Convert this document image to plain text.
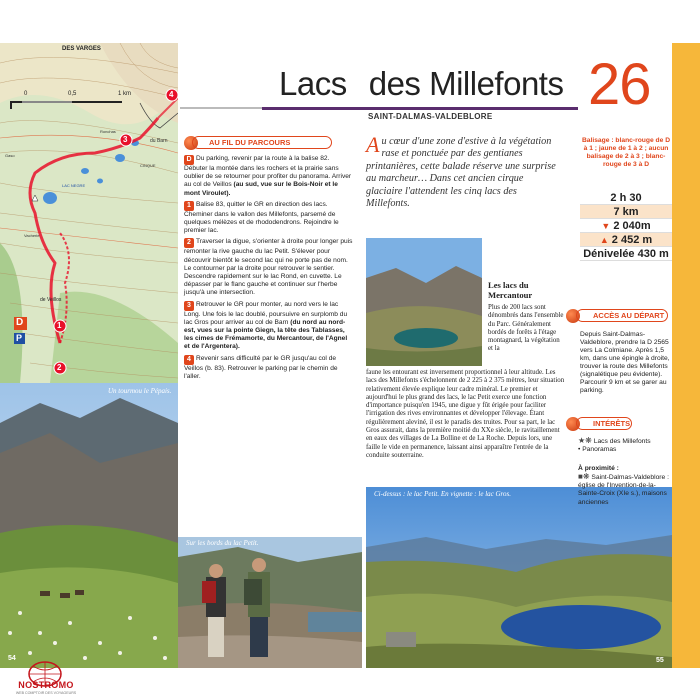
DES VARGES
0	0,5	1 km
LAC NEGRE
Ronchas
du Barn
de Veillos
Vacherie
CINQUE
Gaso
D
P
1
2
3
4
Un tourmou le Pépais.
54
Sur les bords du lac Petit.
Ci-dessus : le lac Petit. En vignette : le lac Gros.
55
Lacs des Millefonts
SAINT-DALMAS-VALDEBLORE 26
AU FIL DU PARCOURS
D Du parking, revenir par la route à la balise 82. Débuter la montée dans les rochers et la prairie sans oublier de se retourner pour profiter du panorama. Arriver au col de Veillos (au sud, vue sur le Bois-Noir et le mont Viroulet).
1 Balise 83, quitter le GR en direction des lacs. Cheminer dans le vallon des Millefonts, parsemé de quelques mélèzes et de rhododendrons. Rejoindre le premier lac.
2 Traverser la digue, s'orienter à droite pour longer puis remonter la rive gauche du lac Petit. S'élever pour découvrir bientôt le second lac qui ne porte pas de nom. Le contourner par la droite pour retrouver le sentier. Descendre rapidement sur le lac Rond, en cuvette. Le dépasser par le flanc gauche et continuer sur l'herbe jusqu'à une intersection.
3 Retrouver le GR pour monter, au nord vers le lac Long. Une fois le lac doublé, poursuivre en surplomb du lac Gros pour arriver au col de Barn (du nord au nord-est, vues sur la pointe Giegn, la tête des Tablasses, les cimes de Frémamorte, du Mercantour, de l'Agnel et de l'Argentera).
4 Revenir sans difficulté par le GR jusqu'au col de Veillos (b. 83). Retrouver le parking par le chemin de l'aller.
Au cœur d'une zone d'estive à la végétation rase et ponctuée par des gentianes printanières, cette balade réserve une surprise au marcheur… Dans cet ancien cirque glaciaire l'attendent les cinq lacs des Millefonts.
Les lacs du Mercantour
Plus de 200 lacs sont dénombrés dans l'ensemble du Parc. Généralement bordés de forêts à l'étage montagnard, la végétation et la
faune les entourant est inversement proportionnel à leur altitude. Les lacs des Millefonts s'échelonnent de 2 225 à 2 375 mètres, leur situation relativement élevée explique leur cadre minéral. Le premier et aujourd'hui le plus grand des lacs, le lac Petit exerce une fonction d'importance puisqu'en 1945, une digue y fût érigée pour faciliter l'irrigation des rives environnantes et développer l'élevage. Étant régulièrement aleviné, il est le paradis des truites. Pour sa part, le lac Gros assurait, dans la première moitié du XXe siècle, le ravitaillement en eaux des villages de La Bolline et de La Roche. Depuis lors, une faille le vide en permanence, laissant ainsi apparaître l'entrée de la conduite souterraine.
Balisage : blanc-rouge de D à 1 ; jaune de 1 à 2 ; aucun balisage de 2 à 3 ; blanc-rouge de 3 à D
2 h 30
7 km
▼ 2 040m
▲ 2 452 m
Dénivelée 430 m
ACCÈS AU DÉPART
Depuis Saint-Dalmas-Valdeblore, prendre la D 2565 vers La Colmiane. Après 1,5 km, dans une épingle à droite, trouver la route des Millefonts (signalétique peu évidente). Parcourir 9 km et se garer au parking.
INTÉRÊTS
★❋ Lacs des Millefonts
• Panoramas
À proximité :
■❋ Saint-Dalmas-Valdeblore : église de l'Invention-de-la-Sainte-Croix (XIe s.), maisons anciennes
NOSTROMO
WEB COMPTOIR DES VOYAGEURS
